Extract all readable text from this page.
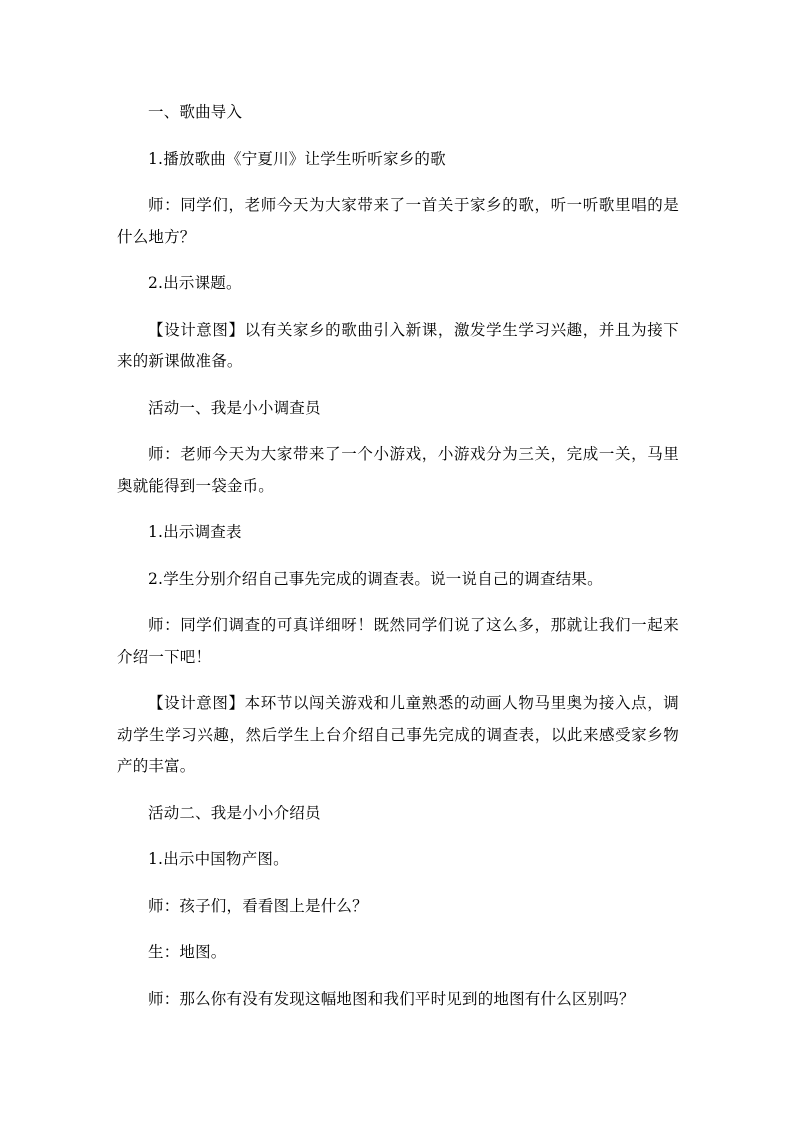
一、歌曲导入

1.播放歌曲《宁夏川》让学生听听家乡的歌

师：同学们，老师今天为大家带来了一首关于家乡的歌，听一听歌里唱的是什么地方？

2.出示课题。

【设计意图】以有关家乡的歌曲引入新课，激发学生学习兴趣，并且为接下来的新课做准备。

活动一、我是小小调查员

师：老师今天为大家带来了一个小游戏，小游戏分为三关，完成一关，马里奥就能得到一袋金币。

1.出示调查表

2.学生分别介绍自己事先完成的调查表。说一说自己的调查结果。

师：同学们调查的可真详细呀！既然同学们说了这么多，那就让我们一起来介绍一下吧！

【设计意图】本环节以闯关游戏和儿童熟悉的动画人物马里奥为接入点，调动学生学习兴趣，然后学生上台介绍自己事先完成的调查表，以此来感受家乡物产的丰富。

活动二、我是小小介绍员

1.出示中国物产图。

师：孩子们，看看图上是什么？

生：地图。

师：那么你有没有发现这幅地图和我们平时见到的地图有什么区别吗？
